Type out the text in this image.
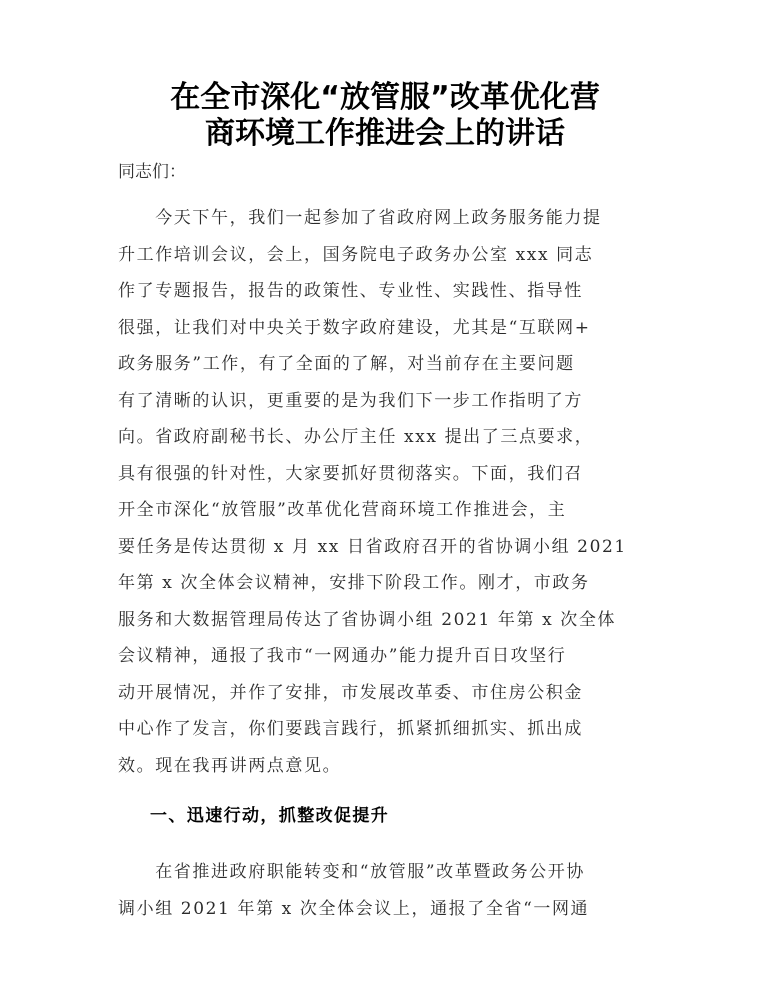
在全市深化“放管服”改革优化营
商环境工作推进会上的讲话

同志们：

　　今天下午，我们一起参加了省政府网上政务服务能力提
升工作培训会议，会上，国务院电子政务办公室 xxx 同志
作了专题报告，报告的政策性、专业性、实践性、指导性
很强，让我们对中央关于数字政府建设，尤其是“互联网+
政务服务”工作，有了全面的了解，对当前存在主要问题
有了清晰的认识，更重要的是为我们下一步工作指明了方
向。省政府副秘书长、办公厅主任 xxx 提出了三点要求，
具有很强的针对性，大家要抓好贯彻落实。下面，我们召
开全市深化“放管服”改革优化营商环境工作推进会，主
要任务是传达贯彻 x 月 xx 日省政府召开的省协调小组 2021
年第 x 次全体会议精神，安排下阶段工作。刚才，市政务
服务和大数据管理局传达了省协调小组 2021 年第 x 次全体
会议精神，通报了我市“一网通办”能力提升百日攻坚行
动开展情况，并作了安排，市发展改革委、市住房公积金
中心作了发言，你们要践言践行，抓紧抓细抓实、抓出成
效。现在我再讲两点意见。

一、迅速行动，抓整改促提升

　　在省推进政府职能转变和“放管服”改革暨政务公开协
调小组 2021 年第 x 次全体会议上，通报了全省“一网通
